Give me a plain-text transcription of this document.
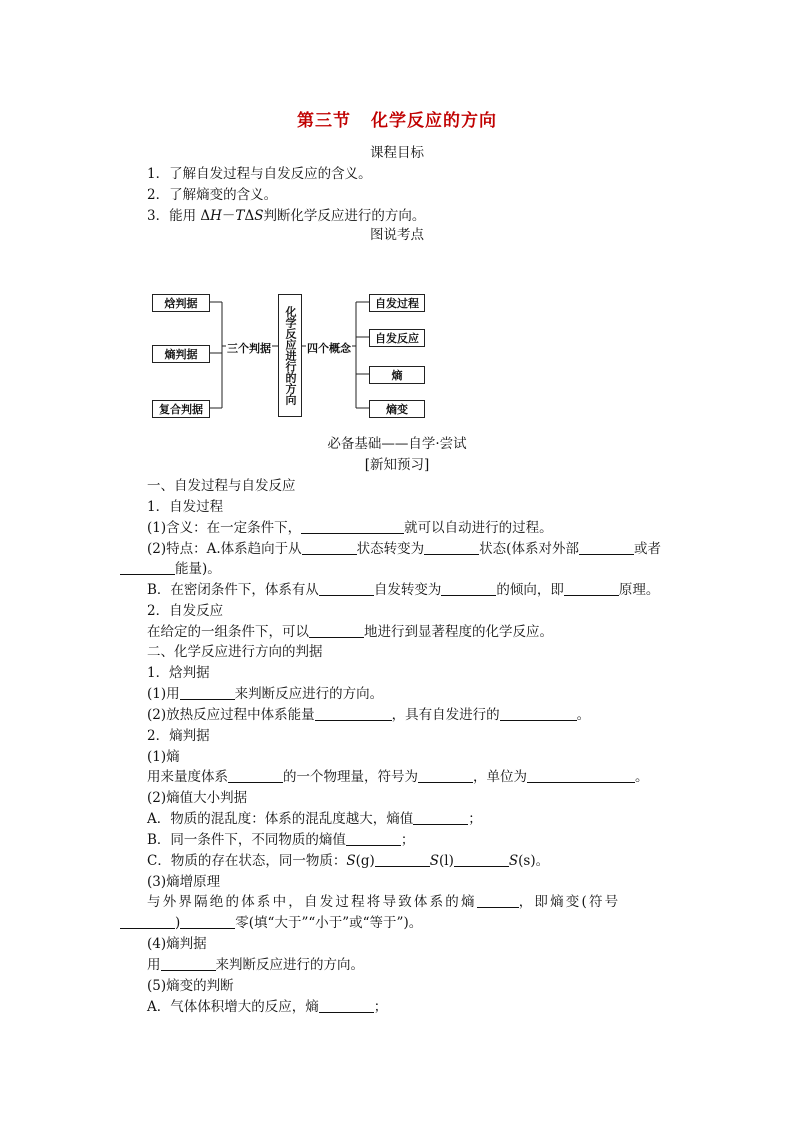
第三节 化学反应的方向
课程目标
1．了解自发过程与自发反应的含义。
2．了解熵变的含义。
3．能用 ΔH－TΔS判断化学反应进行的方向。
图说考点
焓判据
熵判据
复合判据
三个判据	化学反应进行的方向 四个概念
自发过程
自发反应
熵
熵变
必备基础——自学·尝试
[新知预习]
一、自发过程与自发反应
1．自发过程
(1)含义：在一定条件下，	就可以自动进行的过程。
(2)特点：A.体系趋向于从	状态转变为	状态(体系对外部	或者
能量)。
B．在密闭条件下，体系有从	自发转变为	的倾向，即	原理。
2．自发反应
在给定的一组条件下，可以	地进行到显著程度的化学反应。
二、化学反应进行方向的判据
1．焓判据
(1)用	来判断反应进行的方向。
(2)放热反应过程中体系能量	，具有自发进行的	。
2．熵判据
(1)熵
用来量度体系	的一个物理量，符号为	，单位为	。
(2)熵值大小判据
A．物质的混乱度：体系的混乱度越大，熵值	；
B．同一条件下，不同物质的熵值	；
C．物质的存在状态，同一物质：S(g)	S(l)	S(s)。
(3)熵增原理
与外界隔绝的体系中，自发过程将导致体系的熵	，即熵变(符号
)	零(填“大于”“小于”或“等于”)。
(4)熵判据
用	来判断反应进行的方向。
(5)熵变的判断
A．气体体积增大的反应，熵	；
